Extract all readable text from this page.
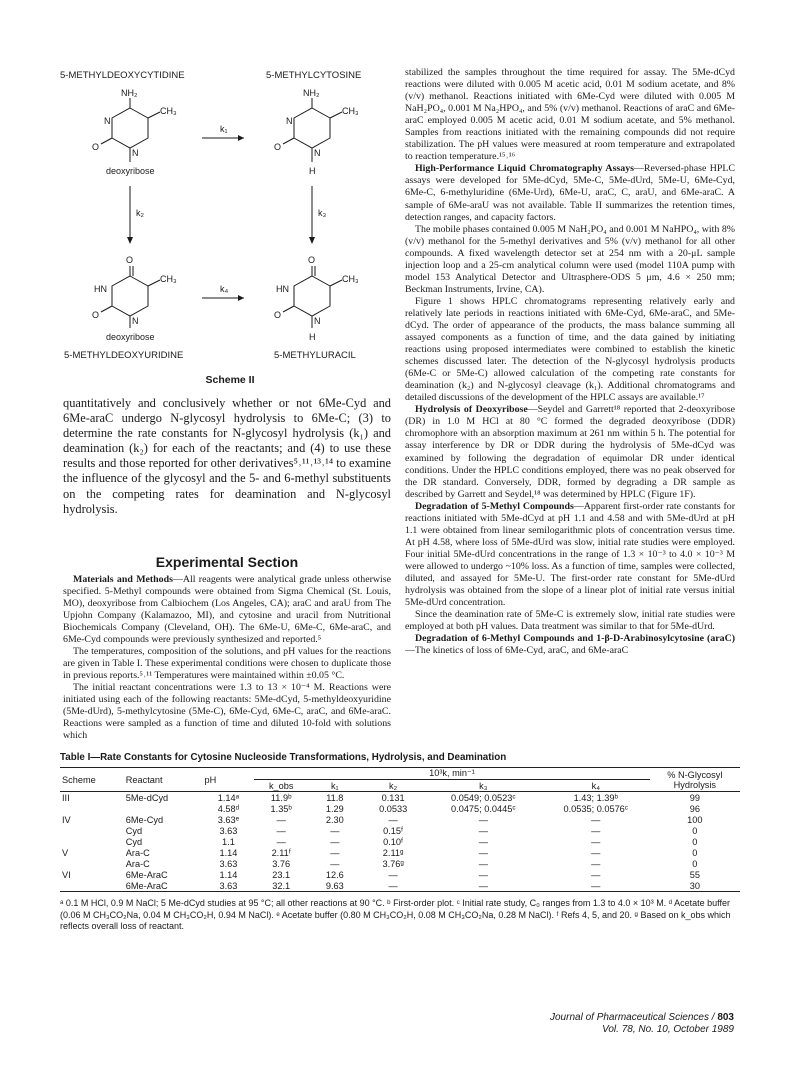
5-METHYLDEOXYCYTIDINE	5-METHYLCYTOSINE
NH₂
CH₃
N
O
N
deoxyribose
k₁
NH₂
CH₃
N
O
N
H
k₂	k₃
O
CH₃
HN
O
N
deoxyribose
k₄
O
CH₃
HN
O
N
H
5-METHYLDEOXYURIDINE	5-METHYLURACIL
Scheme II

quantitatively and conclusively whether or not 6Me-Cyd and 6Me-araC undergo N-glycosyl hydrolysis to 6Me-C; (3) to determine the rate constants for N-glycosyl hydrolysis (k₁) and deamination (k₂) for each of the reactants; and (4) to use these results and those reported for other derivatives⁵˒¹¹˒¹³˒¹⁴ to examine the influence of the glycosyl and the 5- and 6-methyl substituents on the competing rates for deamination and N-glycosyl hydrolysis.

Experimental Section

Materials and Methods—All reagents were analytical grade unless otherwise specified. 5-Methyl compounds were obtained from Sigma Chemical (St. Louis, MO), deoxyribose from Calbiochem (Los Angeles, CA); araC and araU from The Upjohn Company (Kalamazoo, MI), and cytosine and uracil from Nutritional Biochemicals Company (Cleveland, OH). The 6Me-U, 6Me-C, 6Me-araC, and 6Me-Cyd compounds were previously synthesized and reported.⁵

The temperatures, composition of the solutions, and pH values for the reactions are given in Table I. These experimental conditions were chosen to duplicate those in previous reports.⁵˒¹¹ Temperatures were maintained within ±0.05 °C.

The initial reactant concentrations were 1.3 to 13 × 10⁻⁴ M. Reactions were initiated using each of the following reactants: 5Me-dCyd, 5-methyldeoxyuridine (5Me-dUrd), 5-methylcytosine (5Me-C), 6Me-Cyd, 6Me-C, araC, and 6Me-araC. Reactions were sampled as a function of time and diluted 10-fold with solutions which

stabilized the samples throughout the time required for assay. The 5Me-dCyd reactions were diluted with 0.005 M acetic acid, 0.01 M sodium acetate, and 8% (v/v) methanol. Reactions initiated with 6Me-Cyd were diluted with 0.005 M NaH₂PO₄, 0.001 M Na₂HPO₄, and 5% (v/v) methanol. Reactions of araC and 6Me-araC employed 0.005 M acetic acid, 0.01 M sodium acetate, and 5% methanol. Samples from reactions initiated with the remaining compounds did not require stabilization. The pH values were measured at room temperature and extrapolated to reaction temperature.¹⁵˒¹⁶

High-Performance Liquid Chromatography Assays—Reversed-phase HPLC assays were developed for 5Me-dCyd, 5Me-C, 5Me-dUrd, 5Me-U, 6Me-Cyd, 6Me-C, 6-methyluridine (6Me-Urd), 6Me-U, araC, C, araU, and 6Me-araC. A sample of 6Me-araU was not available. Table II summarizes the retention times, detection ranges, and capacity factors.

The mobile phases contained 0.005 M NaH₂PO₄ and 0.001 M NaHPO₄, with 8% (v/v) methanol for the 5-methyl derivatives and 5% (v/v) methanol for all other compounds. A fixed wavelength detector set at 254 nm with a 20-μL sample injection loop and a 25-cm analytical column were used (model 110A pump with model 153 Analytical Detector and Ultrasphere-ODS 5 μm, 4.6 × 250 mm; Beckman Instruments, Irvine, CA).

Figure 1 shows HPLC chromatograms representing relatively early and relatively late periods in reactions initiated with 6Me-Cyd, 6Me-araC, and 5Me-dCyd. The order of appearance of the products, the mass balance summing all assayed components as a function of time, and the data gained by initiating reactions using proposed intermediates were combined to establish the kinetic schemes discussed later. The detection of the N-glycosyl hydrolysis products (6Me-C or 5Me-C) allowed calculation of the competing rate constants for deamination (k₂) and N-glycosyl cleavage (k₁). Additional chromatograms and detailed discussions of the development of the HPLC assays are available.¹⁷

Hydrolysis of Deoxyribose—Seydel and Garrett¹⁸ reported that 2-deoxyribose (DR) in 1.0 M HCl at 80 °C formed the degraded deoxyribose (DDR) chromophore with an absorption maximum at 261 nm within 5 h. The potential for assay interference by DR or DDR during the hydrolysis of 5Me-dCyd was examined by following the degradation of equimolar DR under identical conditions. Under the HPLC conditions employed, there was no peak observed for the DR standard. Conversely, DDR, formed by degrading a DR sample as described by Garrett and Seydel,¹⁸ was determined by HPLC (Figure 1F).

Degradation of 5-Methyl Compounds—Apparent first-order rate constants for reactions initiated with 5Me-dCyd at pH 1.1 and 4.58 and with 5Me-dUrd at pH 1.1 were obtained from linear semilogarithmic plots of concentration versus time. At pH 4.58, where loss of 5Me-dUrd was slow, initial rate studies were employed. Four initial 5Me-dUrd concentrations in the range of 1.3 × 10⁻³ to 4.0 × 10⁻³ M were allowed to undergo ~10% loss. As a function of time, samples were collected, diluted, and assayed for 5Me-U. The first-order rate constant for 5Me-dUrd hydrolysis was obtained from the slope of a linear plot of initial rate versus initial 5Me-dUrd concentration.

Since the deamination rate of 5Me-C is extremely slow, initial rate studies were employed at both pH values. Data treatment was similar to that for 5Me-dUrd.

Degradation of 6-Methyl Compounds and 1-β-D-Arabinosylcytosine (araC)—The kinetics of loss of 6Me-Cyd, araC, and 6Me-araC

Table I—Rate Constants for Cytosine Nucleoside Transformations, Hydrolysis, and Deamination
Scheme	Reactant	pH	10³k, min⁻¹					% N-Glycosyl Hydrolysis
			k_obs	k₁	k₂	k₃	k₄	
III	5Me-dCyd	1.14ᵃ	11.9ᵇ	11.8	0.131	0.0549; 0.0523ᶜ	1.43; 1.39ᵇ	99
		4.58ᵈ	1.35ᵇ	1.29	0.0533	0.0475; 0.0445ᶜ	0.0535; 0.0576ᶜ	96
IV	6Me-Cyd	3.63ᵉ	—	2.30	—	—	—	100
	Cyd	3.63	—	—	0.15ᶠ	—	—	0
	Cyd	1.1	—	—	0.10ᶠ	—	—	0
V	Ara-C	1.14	2.11ᶠ	—	2.11ᵍ	—	—	0
	Ara-C	3.63	3.76	—	3.76ᵍ	—	—	0
VI	6Me-AraC	1.14	23.1	12.6	—	—	—	55
	6Me-AraC	3.63	32.1	9.63	—	—	—	30
ᵃ 0.1 M HCl, 0.9 M NaCl; 5 Me-dCyd studies at 95 °C; all other reactions at 90 °C. ᵇ First-order plot. ᶜ Initial rate study, C₀ ranges from 1.3 to 4.0 × 10³ M. ᵈ Acetate buffer (0.06 M CH₃CO₂Na, 0.04 M CH₃CO₂H, 0.94 M NaCl). ᵉ Acetate buffer (0.80 M CH₃CO₂H, 0.08 M CH₃CO₂Na, 0.28 M NaCl). ᶠ Refs 4, 5, and 20. ᵍ Based on k_obs which reflects overall loss of reactant.
Journal of Pharmaceutical Sciences / 803
Vol. 78, No. 10, October 1989
